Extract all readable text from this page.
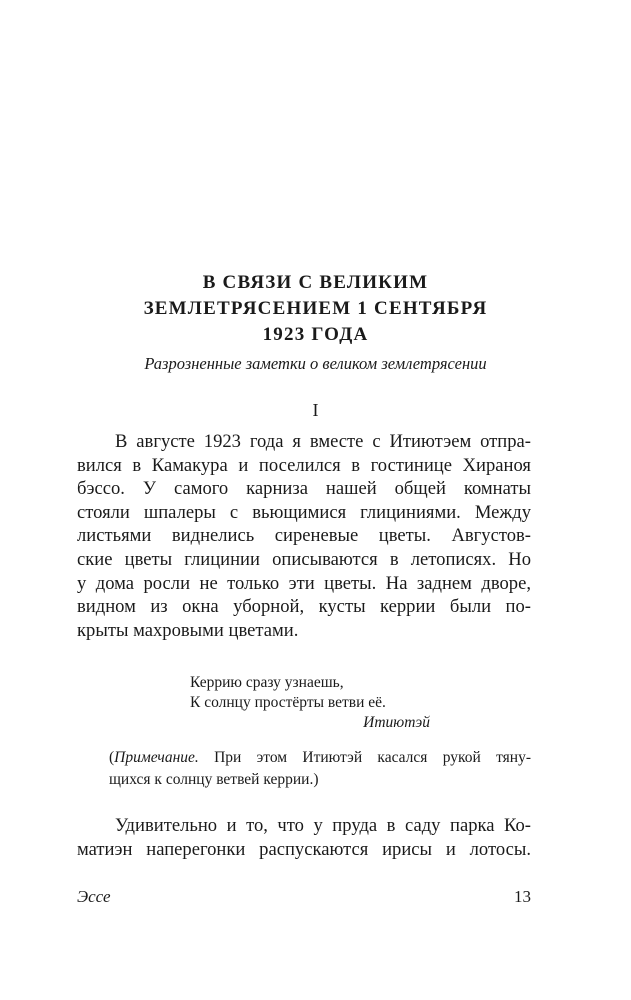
В СВЯЗИ С ВЕЛИКИМ
ЗЕМЛЕТРЯСЕНИЕМ 1 СЕНТЯБРЯ
1923 ГОДА
Разрозненные заметки о великом землетрясении
I
В августе 1923 года я вместе с Итиютэем отпра-
вился в Камакура и поселился в гостинице Хираноя
бэссо. У самого карниза нашей общей комнаты
стояли шпалеры с вьющимися глициниями. Между
листьями виднелись сиреневые цветы. Августов-
ские цветы глицинии описываются в летописях. Но
у дома росли не только эти цветы. На заднем дворе,
видном из окна уборной, кусты керрии были по-
крыты махровыми цветами.
Керрию сразу узнаешь,
К солнцу простёрты ветви её.
Итиютэй
(Примечание. При этом Итиютэй касался рукой тяну-
щихся к солнцу ветвей керрии.)
Удивительно и то, что у пруда в саду парка Ко-
матиэн наперегонки распускаются ирисы и лотосы.
Эссе	13
